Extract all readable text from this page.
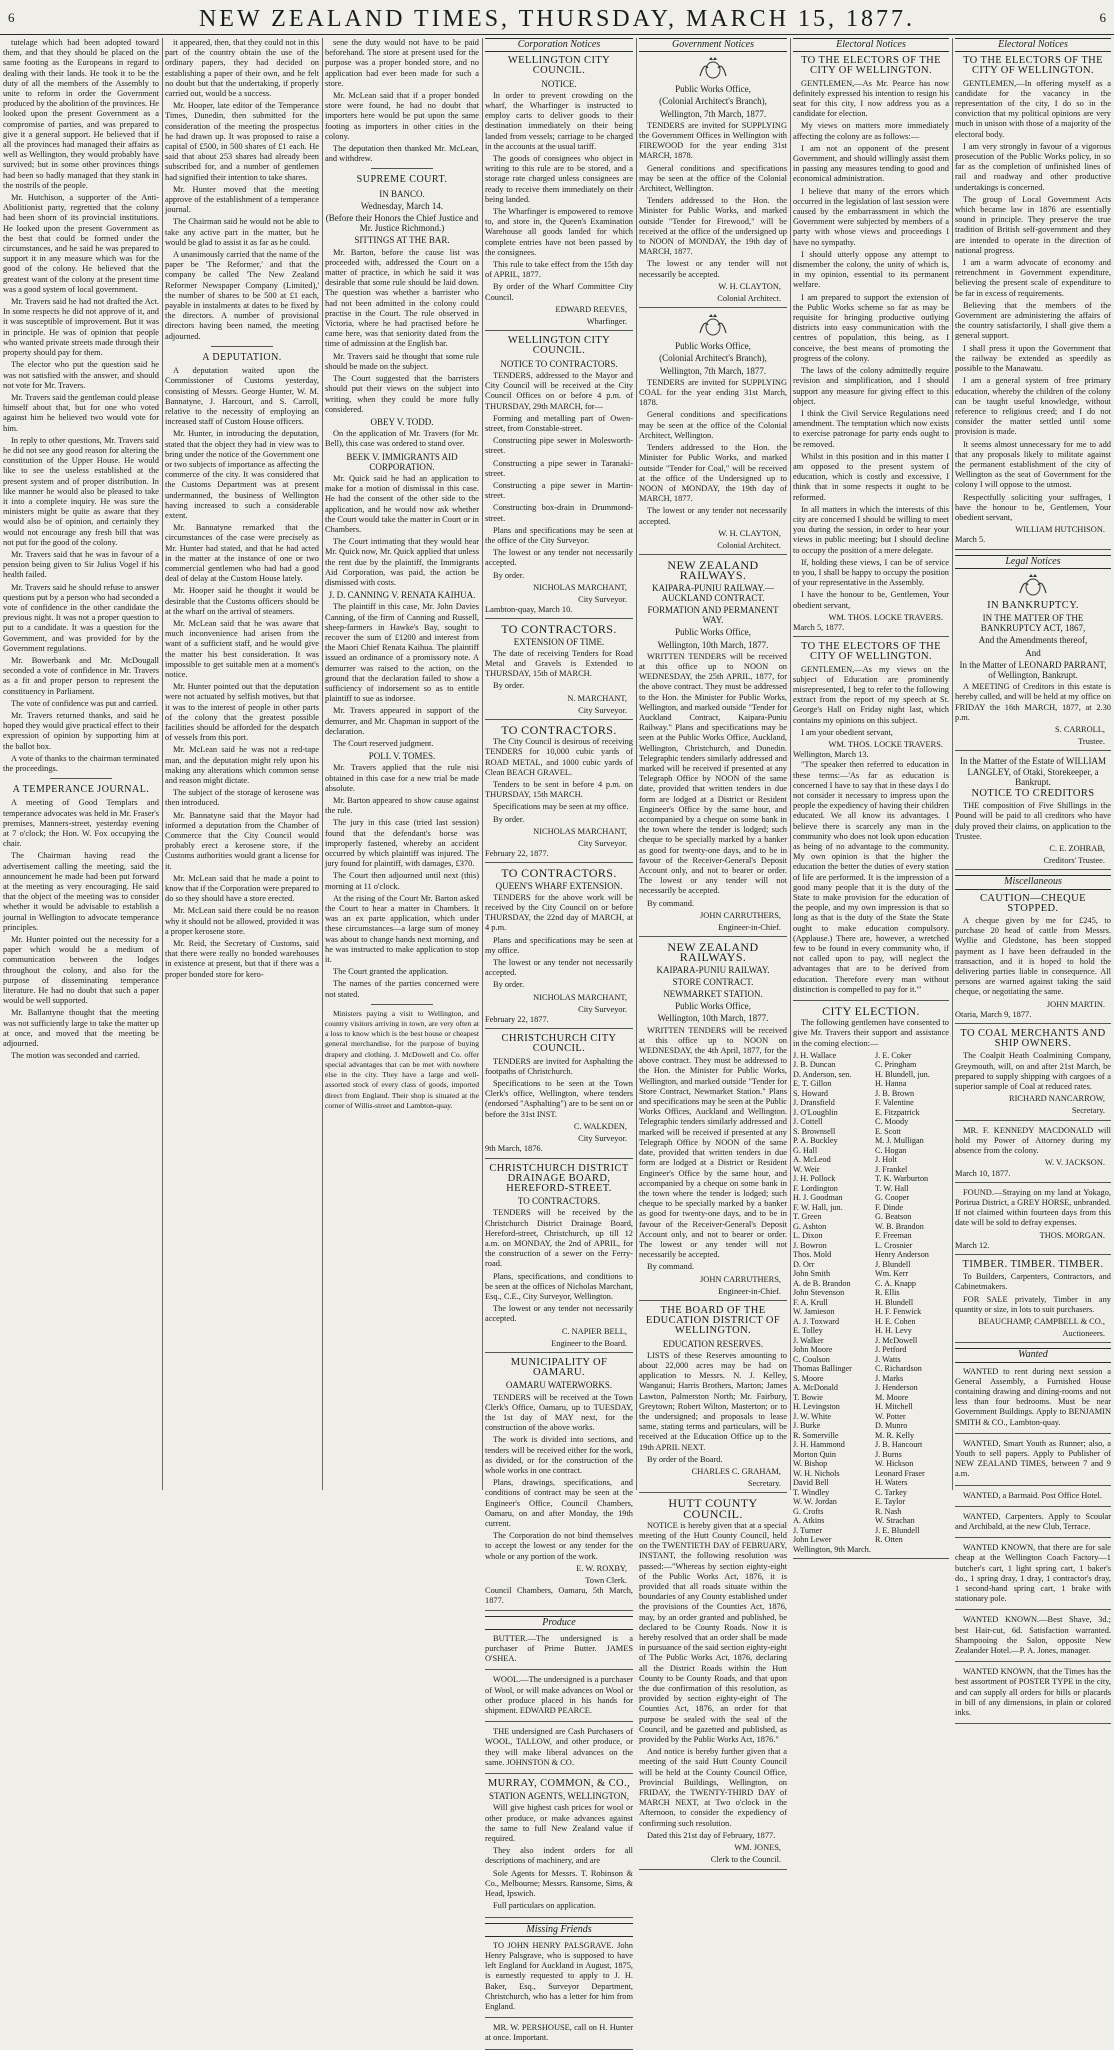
6	NEW ZEALAND TIMES, THURSDAY, MARCH 15, 1877.	6

tutelage which had been adopted toward them, and that they should be placed on the same footing as the Europeans in regard to dealing with their lands. He took it to be the duty of all the members of the Assembly to unite to reform in order the Government produced by the abolition of the provinces. He looked upon the present Government as a compromise of parties, and was prepared to give it a general support. He believed that if all the provinces had managed their affairs as well as Wellington, they would probably have survived; but in some other provinces things had been so badly managed that they stank in the nostrils of the people.

Mr. Hutchison, a supporter of the Anti-Abolitionist party, regretted that the colony had been shorn of its provincial institutions. He looked upon the present Government as the best that could be formed under the circumstances, and he said he was prepared to support it in any measure which was for the good of the colony. He believed that the greatest want of the colony at the present time was a good system of local government.

Mr. Travers said he had not drafted the Act. In some respects he did not approve of it, and it was susceptible of improvement. But it was in principle. He was of opinion that people who wanted private streets made through their property should pay for them.

The elector who put the question said he was not satisfied with the answer, and should not vote for Mr. Travers.

Mr. Travers said the gentleman could please himself about that, but for one who voted against him he believed two would vote for him.

In reply to other questions, Mr. Travers said he did not see any good reason for altering the constitution of the Upper House. He would like to see the useless established at the present system and of proper distribution. In like manner he would also be pleased to take it into a complete inquiry. He was sure the ministers might be quite as aware that they would also be of opinion, and certainly they would not encourage any fresh bill that was not put for the good of the colony.

Mr. Travers said that he was in favour of a pension being given to Sir Julius Vogel if his health failed.

Mr. Travers said he should refuse to answer questions put by a person who had seconded a vote of confidence in the other candidate the previous night. It was not a proper question to put to a candidate. It was a question for the Government, and was provided for by the Government regulations.

Mr. Bowerbank and Mr. McDougall seconded a vote of confidence in Mr. Travers as a fit and proper person to represent the constituency in Parliament.

The vote of confidence was put and carried.

Mr. Travers returned thanks, and said he hoped they would give practical effect to their expression of opinion by supporting him at the ballot box.

A vote of thanks to the chairman terminated the proceedings.

A TEMPERANCE JOURNAL.

A meeting of Good Templars and temperance advocates was held in Mr. Fraser's premises, Manners-street, yesterday evening at 7 o'clock; the Hon. W. Fox occupying the chair.

The Chairman having read the advertisement calling the meeting, said the announcement he made had been put forward at the meeting as very encouraging. He said that the object of the meeting was to consider whether it would be advisable to establish a journal in Wellington to advocate temperance principles.

Mr. Hunter pointed out the necessity for a paper which would be a medium of communication between the lodges throughout the colony, and also for the purpose of disseminating temperance literature. He had no doubt that such a paper would be well supported.

Mr. Ballantyne thought that the meeting was not sufficiently large to take the matter up at once, and moved that the meeting be adjourned.

The motion was seconded and carried.

it appeared, then, that they could not in this part of the country obtain the use of the ordinary papers, they had decided on establishing a paper of their own, and he felt no doubt but that the undertaking, if properly carried out, would be a success.

Mr. Hooper, late editor of the Temperance Times, Dunedin, then submitted for the consideration of the meeting the prospectus he had drawn up. It was proposed to raise a capital of £500, in 500 shares of £1 each. He said that about 253 shares had already been subscribed for, and a number of gentlemen had signified their intention to take shares.

Mr. Hunter moved that the meeting approve of the establishment of a temperance journal.

The Chairman said he would not be able to take any active part in the matter, but he would be glad to assist it as far as he could.

A unanimously carried that the name of the paper be 'The Reformer,' and that the company be called 'The New Zealand Reformer Newspaper Company (Limited),' the number of shares to be 500 at £1 each, payable in instalments at dates to be fixed by the directors. A number of provisional directors having been named, the meeting adjourned.

A DEPUTATION.

A deputation waited upon the Commissioner of Customs yesterday, consisting of Messrs. George Hunter, W. M. Bannatyne, J. Harcourt, and S. Carroll, relative to the necessity of employing an increased staff of Custom House officers.

Mr. Hunter, in introducing the deputation, stated that the object they had in view was to bring under the notice of the Government one or two subjects of importance as affecting the commerce of the city. It was considered that the Customs Department was at present undermanned, the business of Wellington having increased to such a considerable extent.

Mr. Bannatyne remarked that the circumstances of the case were precisely as Mr. Hunter had stated, and that he had acted in the matter at the instance of one or two commercial gentlemen who had had a good deal of delay at the Custom House lately.

Mr. Hooper said he thought it would be desirable that the Customs officers should be at the wharf on the arrival of steamers.

Mr. McLean said that he was aware that much inconvenience had arisen from the want of a sufficient staff, and he would give the matter his best consideration. It was impossible to get suitable men at a moment's notice.

Mr. Hunter pointed out that the deputation were not actuated by selfish motives, but that it was to the interest of people in other parts of the colony that the greatest possible facilities should be afforded for the despatch of vessels from this port.

Mr. McLean said he was not a red-tape man, and the deputation might rely upon his making any alterations which common sense and reason might dictate.

The subject of the storage of kerosene was then introduced.

Mr. Bannatyne said that the Mayor had informed a deputation from the Chamber of Commerce that the City Council would probably erect a kerosene store, if the Customs authorities would grant a license for it.

Mr. McLean said that he made a point to know that if the Corporation were prepared to do so they should have a store erected.

Mr. McLean said there could be no reason why it should not be allowed, provided it was a proper kerosene store.

Mr. Reid, the Secretary of Customs, said that there were really no bonded warehouses in existence at present, but that if there was a proper bonded store for kero-

sene the duty would not have to be paid beforehand. The store at present used for the purpose was a proper bonded store, and no application had ever been made for such a store.

Mr. McLean said that if a proper bonded store were found, he had no doubt that importers here would be put upon the same footing as importers in other cities in the colony.

The deputation then thanked Mr. McLean, and withdrew.

SUPREME COURT.
IN BANCO.
Wednesday, March 14.
(Before their Honors the Chief Justice and Mr. Justice Richmond.)
SITTINGS AT THE BAR.

Mr. Barton, before the cause list was proceeded with, addressed the Court on a matter of practice, in which he said it was desirable that some rule should be laid down. The question was whether a barrister who had not been admitted in the colony could practise in the Court. The rule observed in Victoria, where he had practised before he came here, was that seniority dated from the time of admission at the English bar.

Mr. Travers said he thought that some rule should be made on the subject.

The Court suggested that the barristers should put their views on the subject into writing, when they could be more fully considered.

OBEY V. TODD.

On the application of Mr. Travers (for Mr. Bell), this case was ordered to stand over.

BEEK V. IMMIGRANTS AID CORPORATION.

Mr. Quick said he had an application to make for a motion of dismissal in this case. He had the consent of the other side to the application, and he would now ask whether the Court would take the matter in Court or in Chambers.

The Court intimating that they would hear Mr. Quick now, Mr. Quick applied that unless the rent due by the plaintiff, the Immigrants Aid Corporation, was paid, the action be dismissed with costs.

J. D. CANNING V. RENATA KAIHUA.

The plaintiff in this case, Mr. John Davies Canning, of the firm of Canning and Russell, sheep-farmers in Hawke's Bay, sought to recover the sum of £1200 and interest from the Maori Chief Renata Kaihua. The plaintiff issued an ordinance of a promissory note. A demurrer was raised to the action, on the ground that the declaration failed to show a sufficiency of indorsement so as to entitle plaintiff to sue as indorsee.

Mr. Travers appeared in support of the demurrer, and Mr. Chapman in support of the declaration.

The Court reserved judgment.

POLL V. TOMES.

Mr. Travers applied that the rule nisi obtained in this case for a new trial be made absolute.

Mr. Barton appeared to show cause against the rule.

The jury in this case (tried last session) found that the defendant's horse was improperly fastened, whereby an accident occurred by which plaintiff was injured. The jury found for plaintiff, with damages, £370.

The Court then adjourned until next (this) morning at 11 o'clock.

At the rising of the Court Mr. Barton asked the Court to hear a matter in Chambers. It was an ex parte application, which under these circumstances—a large sum of money was about to change hands next morning, and he was instructed to make application to stop it.

The Court granted the application.

The names of the parties concerned were not stated.

Ministers paying a visit to Wellington, and country visitors arriving in town, are very often at a loss to know which is the best house or cheapest general merchandise, for the purpose of buying drapery and clothing. J. McDowell and Co. offer special advantages that can be met with nowhere else in the city. They have a large and well-assorted stock of every class of goods, imported direct from England. Their shop is situated at the corner of Willis-street and Lambton-quay.

Corporation Notices
WELLINGTON CITY COUNCIL.
NOTICE.

In order to prevent crowding on the wharf, the Wharfinger is instructed to employ carts to deliver goods to their destination immediately on their being landed from vessels; carriage to be charged in the accounts at the usual tariff.

The goods of consignees who object in writing to this rule are to be stored, and a storage rate charged unless consignees are ready to receive them immediately on their being landed.

The Wharfinger is empowered to remove to, and store in, the Queen's Examination Warehouse all goods landed for which complete entries have not been passed by the consignees.

This rule to take effect from the 15th day of APRIL, 1877.

By order of the Wharf Committee City Council.

EDWARD REEVES,
Wharfinger.
WELLINGTON CITY COUNCIL.
NOTICE TO CONTRACTORS.

TENDERS, addressed to the Mayor and City Council will be received at the City Council Offices on or before 4 p.m. of THURSDAY, 29th MARCH, for—

Forming and metalling part of Owen-street, from Constable-street.

Constructing pipe sewer in Molesworth-street.

Constructing a pipe sewer in Taranaki-street.

Constructing a pipe sewer in Martin-street.

Constructing box-drain in Drummond-street.

Plans and specifications may be seen at the office of the City Surveyor.

The lowest or any tender not necessarily accepted.

By order.

NICHOLAS MARCHANT,
City Surveyor.
Lambton-quay, March 10.
TO CONTRACTORS.
EXTENSION OF TIME.

The date of receiving Tenders for Road Metal and Gravels is Extended to THURSDAY, 15th of MARCH.

By order.

N. MARCHANT,
City Surveyor.
TO CONTRACTORS.

The City Council is desirous of receiving TENDERS for 10,000 cubic yards of ROAD METAL, and 1000 cubic yards of Clean BEACH GRAVEL.

Tenders to be sent in before 4 p.m. on THURSDAY, 15th MARCH.

Specifications may be seen at my office.

By order.

NICHOLAS MARCHANT,
City Surveyor.
February 22, 1877.
TO CONTRACTORS.
QUEEN'S WHARF EXTENSION.

TENDERS for the above work will be received by the City Council on or before THURSDAY, the 22nd day of MARCH, at 4 p.m.

Plans and specifications may be seen at my office.

The lowest or any tender not necessarily accepted.

By order.

NICHOLAS MARCHANT,
City Surveyor.
February 22, 1877.
CHRISTCHURCH CITY COUNCIL.

TENDERS are invited for Asphalting the footpaths of Christchurch.

Specifications to be seen at the Town Clerk's office, Wellington, where tenders (endorsed "Asphalting") are to be sent on or before the 31st INST.

C. WALKDEN,
City Surveyor.
9th March, 1876.
CHRISTCHURCH DISTRICT DRAINAGE BOARD, HEREFORD-STREET.
TO CONTRACTORS.

TENDERS will be received by the Christchurch District Drainage Board, Hereford-street, Christchurch, up till 12 a.m. on MONDAY, the 2nd of APRIL, for the construction of a sewer on the Ferry-road.

Plans, specifications, and conditions to be seen at the offices of Nicholas Marchant, Esq., C.E., City Surveyor, Wellington.

The lowest or any tender not necessarily accepted.

C. NAPIER BELL,
Engineer to the Board.
MUNICIPALITY OF OAMARU.
OAMARU WATERWORKS.

TENDERS will be received at the Town Clerk's Office, Oamaru, up to TUESDAY, the 1st day of MAY next, for the construction of the above works.

The work is divided into sections, and tenders will be received either for the work, as divided, or for the construction of the whole works in one contract.

Plans, drawings, specifications, and conditions of contract may be seen at the Engineer's Office, Council Chambers, Oamaru, on and after Monday, the 19th current.

The Corporation do not bind themselves to accept the lowest or any tender for the whole or any portion of the work.

E. W. ROXBY,
Town Clerk.
Council Chambers, Oamaru, 5th March, 1877.
Produce

BUTTER.—The undersigned is a purchaser of Prime Butter. JAMES O'SHEA.

WOOL.—The undersigned is a purchaser of Wool, or will make advances on Wool or other produce placed in his hands for shipment. EDWARD PEARCE.

THE undersigned are Cash Purchasers of WOOL, TALLOW, and other produce, or they will make liberal advances on the same. JOHNSTON & CO.

MURRAY, COMMON, & CO.,
STATION AGENTS, WELLINGTON,

Will give highest cash prices for wool or other produce, or make advances against the same to full New Zealand value if required.

They also indent orders for all descriptions of machinery, and are

Sole Agents for Messrs. T. Robinson & Co., Melbourne; Messrs. Ransome, Sims, & Head, Ipswich.

Full particulars on application.

Missing Friends

TO JOHN HENRY PALSGRAVE. John Henry Palsgrave, who is supposed to have left England for Auckland in August, 1875, is earnestly requested to apply to J. H. Baker, Esq., Surveyor Department, Christchurch, who has a letter for him from England.

MR. W. PERSHOUSE, call on H. Hunter at once. Important.

Government Notices
Public Works Office,
(Colonial Architect's Branch),
Wellington, 7th March, 1877.

TENDERS are invited for SUPPLYING the Government Offices in Wellington with FIREWOOD for the year ending 31st MARCH, 1878.

General conditions and specifications may be seen at the office of the Colonial Architect, Wellington.

Tenders addressed to the Hon. the Minister for Public Works, and marked outside "Tender for Firewood," will be received at the office of the undersigned up to NOON of MONDAY, the 19th day of MARCH, 1877.

The lowest or any tender will not necessarily be accepted.

W. H. CLAYTON,
Colonial Architect.
Public Works Office,
(Colonial Architect's Branch),
Wellington, 7th March, 1877.

TENDERS are invited for SUPPLYING COAL for the year ending 31st March, 1878.

General conditions and specifications may be seen at the office of the Colonial Architect, Wellington.

Tenders addressed to the Hon. the Minister for Public Works, and marked outside "Tender for Coal," will be received at the office of the Undersigned up to NOON of MONDAY, the 19th day of MARCH, 1877.

The lowest or any tender not necessarily accepted.

W. H. CLAYTON,
Colonial Architect.
NEW ZEALAND RAILWAYS.
KAIPARA-PUNIU RAILWAY.—AUCKLAND CONTRACT.
FORMATION AND PERMANENT WAY.
Public Works Office,
Wellington, 10th March, 1877.

WRITTEN TENDERS will be received at this office up to NOON on WEDNESDAY, the 25th APRIL, 1877, for the above contract. They must be addressed to the Hon. the Minister for Public Works, Wellington, and marked outside "Tender for Auckland Contract, Kaipara-Puniu Railway." Plans and specifications may be seen at the Public Works Office, Auckland, Wellington, Christchurch, and Dunedin. Telegraphic tenders similarly addressed and marked will be received if presented at any Telegraph Office by NOON of the same date, provided that written tenders in due form are lodged at a District or Resident Engineer's Office by the same hour, and accompanied by a cheque on some bank in the town where the tender is lodged; such cheque to be specially marked by a banker as good for twenty-one days, and to be in favour of the Receiver-General's Deposit Account only, and not to bearer or order. The lowest or any tender will not necessarily be accepted.

By command.

JOHN CARRUTHERS,
Engineer-in-Chief.
NEW ZEALAND RAILWAYS.
KAIPARA-PUNIU RAILWAY.
STORE CONTRACT.
NEWMARKET STATION.
Public Works Office,
Wellington, 10th March, 1877.

WRITTEN TENDERS will be received at this office up to NOON on WEDNESDAY, the 4th April, 1877, for the above contract. They must be addressed to the Hon. the Minister for Public Works, Wellington, and marked outside "Tender for Store Contract, Newmarket Station." Plans and specifications may be seen at the Public Works Offices, Auckland and Wellington. Telegraphic tenders similarly addressed and marked will be received if presented at any Telegraph Office by NOON of the same date, provided that written tenders in due form are lodged at a District or Resident Engineer's Office by the same hour, and accompanied by a cheque on some bank in the town where the tender is lodged; such cheque to be specially marked by a banker as good for twenty-one days, and to be in favour of the Receiver-General's Deposit Account only, and not to bearer or order. The lowest or any tender will not necessarily be accepted.

By command.

JOHN CARRUTHERS,
Engineer-in-Chief.
THE BOARD OF THE EDUCATION DISTRICT OF WELLINGTON.
EDUCATION RESERVES.

LISTS of these Reserves amounting to about 22,000 acres may be had on application to Messrs. N. J. Kelley, Wanganui; Harris Brothers, Marton; James Lawton, Palmerston North; Mr. Fairbury, Greytown; Robert Wilton, Masterton; or to the undersigned; and proposals to lease same, stating terms and particulars, will be received at the Education Office up to the 19th APRIL NEXT.

By order of the Board.

CHARLES C. GRAHAM,
Secretary.
HUTT COUNTY COUNCIL.

NOTICE is hereby given that at a special meeting of the Hutt County Council, held on the TWENTIETH DAY of FEBRUARY, INSTANT, the following resolution was passed:—"Whereas by section eighty-eight of the Public Works Act, 1876, it is provided that all roads situate within the boundaries of any County established under the provisions of the Counties Act, 1876, may, by an order granted and published, be declared to be County Roads. Now it is hereby resolved that an order shall be made in pursuance of the said section eighty-eight of The Public Works Act, 1876, declaring all the District Roads within the Hutt County to be County Roads, and that upon the due confirmation of this resolution, as provided by section eighty-eight of The Counties Act, 1876, an order for that purpose be sealed with the seal of the Council, and be gazetted and published, as provided by the Public Works Act, 1876."

And notice is hereby further given that a meeting of the said Hutt County Council will be held at the County Council Office, Provincial Buildings, Wellington, on FRIDAY, the TWENTY-THIRD DAY of MARCH NEXT, at Two o'clock in the Afternoon, to consider the expediency of confirming such resolution.

Dated this 21st day of February, 1877.

WM. JONES,
Clerk to the Council.
Electoral Notices
TO THE ELECTORS OF THE CITY OF WELLINGTON.

GENTLEMEN,—As Mr. Pearce has now definitely expressed his intention to resign his seat for this city, I now address you as a candidate for election.

My views on matters more immediately affecting the colony are as follows:—

I am not an opponent of the present Government, and should willingly assist them in passing any measures tending to good and economical administration.

I believe that many of the errors which occurred in the legislation of last session were caused by the embarrassment in which the Government were subjected by members of a party with whose views and proceedings I have no sympathy.

I should utterly oppose any attempt to dismember the colony, the unity of which is, in my opinion, essential to its permanent welfare.

I am prepared to support the extension of the Public Works scheme so far as may be requisite for bringing productive outlying districts into easy communication with the centres of population, this being, as I conceive, the best means of promoting the progress of the colony.

The laws of the colony admittedly require revision and simplification, and I should support any measure for giving effect to this object.

I think the Civil Service Regulations need amendment. The temptation which now exists to exercise patronage for party ends ought to be removed.

Whilst in this position and in this matter I am opposed to the present system of education, which is costly and excessive, I think that in some respects it ought to be reformed.

In all matters in which the interests of this city are concerned I should be willing to meet you during the session, in order to hear your views in public meeting; but I should decline to occupy the position of a mere delegate.

If, holding these views, I can be of service to you, I shall be happy to occupy the position of your representative in the Assembly.

I have the honour to be, Gentlemen, Your obedient servant,

WM. THOS. LOCKE TRAVERS.
March 5, 1877.
TO THE ELECTORS OF THE CITY OF WELLINGTON.

GENTLEMEN,—As my views on the subject of Education are prominently misrepresented, I beg to refer to the following extract from the report of my speech at St. George's Hall on Friday night last, which contains my opinions on this subject.

I am your obedient servant,

WM. THOS. LOCKE TRAVERS.
Wellington, March 13.

"The speaker then referred to education in these terms:—'As far as education is concerned I have to say that in these days I do not consider it necessary to impress upon the people the expediency of having their children educated. We all know its advantages. I believe there is scarcely any man in the community who does not look upon education as being of no advantage to the community. My own opinion is that the higher the education the better the duties of every station of life are performed. It is the impression of a good many people that it is the duty of the State to make provision for the education of the people, and my own impression is that so long as that is the duty of the State the State ought to make education compulsory. (Applause.) There are, however, a wretched few to be found in every community who, if not called upon to pay, will neglect the advantages that are to be derived from education. Therefore every man without distinction is compelled to pay for it.'"

CITY ELECTION.

The following gentlemen have consented to give Mr. Travers their support and assistance in the coming election:—

J. H. Wallace
J. B. Duncan
D. Anderson, sen.
E. T. Gillon
S. Howard
J. Dransfield
J. O'Loughlin
J. Cottell
S. Brownsell
P. A. Buckley
G. Hall
A. McLeod
W. Weir
J. H. Pollock
F. Lordington
H. J. Goodman
F. W. Hall, jun.
T. Green
G. Ashton
L. Dixon
J. Bowron
Thos. Mold
D. Orr
John Smith
A. de B. Brandon
John Stevenson
F. A. Krull
W. Jamieson
A. J. Toxward
E. Tolley
J. Walker
John Moore
C. Coulson
Thomas Ballinger
S. Moore
A. McDonald
T. Bowie
H. Levingston
J. W. White
J. Burke
R. Somerville
J. H. Hammond
Morton Quin
W. Bishop
W. H. Nichols
David Bell
T. Windley
W. W. Jordan
G. Crofts
A. Atkins
J. Turner
John Lewer
J. E. Coker
C. Pringham
H. Blundell, jun.
H. Hanna
J. B. Brown
F. Valentine
E. Fitzpatrick
C. Moody
E. Scott
M. J. Mulligan
C. Hogan
J. Holt
J. Frankel
T. K. Warburton
T. W. Hall
G. Cooper
F. Dinde
G. Beatson
W. B. Brandon
F. Freeman
L. Crosnier
Henry Anderson
J. Blundell
Wm. Kerr
C. A. Knapp
R. Ellis
H. Blundell
H. F. Fenwick
H. E. Cohen
H. H. Levy
J. McDowell
J. Petford
J. Watts
C. Richardson
J. Marks
J. Henderson
M. Moore
H. Mitchell
W. Potter
D. Munro
M. R. Kelly
J. B. Hancourt
J. Burns
W. Hickson
Leonard Fraser
H. Waters
C. Tarkey
E. Taylor
R. Nash
W. Strachan
J. E. Blundell
R. Otten
Wellington, 9th March.
Electoral Notices
TO THE ELECTORS OF THE CITY OF WELLINGTON.

GENTLEMEN,—In offering myself as a candidate for the vacancy in the representation of the city, I do so in the conviction that my political opinions are very much in unison with those of a majority of the electoral body.

I am very strongly in favour of a vigorous prosecution of the Public Works policy, in so far as the completion of unfinished lines of rail and roadway and other productive undertakings is concerned.

The group of Local Government Acts which became law in 1876 are essentially sound in principle. They preserve the true tradition of British self-government and they are intended to operate in the direction of national progress.

I am a warm advocate of economy and retrenchment in Government expenditure, believing the present scale of expenditure to be far in excess of requirements.

Believing that the members of the Government are administering the affairs of the country satisfactorily, I shall give them a general support.

I shall press it upon the Government that the railway be extended as speedily as possible to the Manawatu.

I am a general system of free primary education, whereby the children of the colony can be taught useful knowledge, without reference to religious creed; and I do not consider the matter settled until some provision is made.

It seems almost unnecessary for me to add that any proposals likely to militate against the permanent establishment of the city of Wellington as the seat of Government for the colony I will oppose to the utmost.

Respectfully soliciting your suffrages, I have the honour to be, Gentlemen, Your obedient servant,

WILLIAM HUTCHISON.
March 5.
Legal Notices
IN BANKRUPTCY.
IN THE MATTER OF THE BANKRUPTCY ACT, 1867,
And the Amendments thereof,
And
In the Matter of LEONARD PARRANT, of Wellington, Bankrupt.

A MEETING of Creditors in this estate is hereby called, and will be held at my office on FRIDAY the 16th MARCH, 1877, at 2.30 p.m.

S. CARROLL,
Trustee.
In the Matter of the Estate of WILLIAM LANGLEY, of Otaki, Storekeeper, a Bankrupt.
NOTICE TO CREDITORS

THE composition of Five Shillings in the Pound will be paid to all creditors who have duly proved their claims, on application to the Trustee.

C. E. ZOHRAB,
Creditors' Trustee.
Miscellaneous
CAUTION—CHEQUE STOPPED.

A cheque given by me for £245, to purchase 20 head of cattle from Messrs. Wyllie and Gledstone, has been stopped payment as I have been defrauded in the transaction, and it is hoped to hold the delivering parties liable in consequence. All persons are warned against taking the said cheque, or negotiating the same.

JOHN MARTIN.
Otaria, March 9, 1877.
TO COAL MERCHANTS AND SHIP OWNERS.

The Coalpit Heath Coalmining Company, Greymouth, will, on and after 21st March, be prepared to supply shipping with cargoes of a superior sample of Coal at reduced rates.

RICHARD NANCARROW,
Secretary.

MR. F. KENNEDY MACDONALD will hold my Power of Attorney during my absence from the colony.

W. V. JACKSON.
March 10, 1877.

FOUND.—Straying on my land at Yokago, Porirua District, a GREY HORSE, unbranded. If not claimed within fourteen days from this date will be sold to defray expenses.

THOS. MORGAN.
March 12.
TIMBER. TIMBER. TIMBER.

To Builders, Carpenters, Contractors, and Cabinetmakers.

FOR SALE privately, Timber in any quantity or size, in lots to suit purchasers.

BEAUCHAMP, CAMPBELL & CO.,
Auctioneers.
Wanted

WANTED to rent during next session a General Assembly, a Furnished House containing drawing and dining-rooms and not less than four bedrooms. Must be near Government Buildings. Apply to BENJAMIN SMITH & CO., Lambton-quay.

WANTED, Smart Youth as Runner; also, a Youth to sell papers. Apply to Publisher of NEW ZEALAND TIMES, between 7 and 9 a.m.

WANTED, a Barmaid. Post Office Hotel.

WANTED, Carpenters. Apply to Scoular and Archibald, at the new Club, Terrace.

WANTED KNOWN, that there are for sale cheap at the Wellington Coach Factory—1 butcher's cart, 1 light spring cart, 1 baker's do., 1 spring dray, 1 dray, 1 contractor's dray, 1 second-hand spring cart, 1 brake with stationary pole.

WANTED KNOWN.—Best Shave, 3d.; best Hair-cut, 6d. Satisfaction warranted. Shampooing the Salon, opposite New Zealander Hotel.—P. A. Jones, manager.

WANTED KNOWN, that the Times has the best assortment of POSTER TYPE in the city, and can supply all orders for bills or placards in bill of any dimensions, in plain or colored inks.
